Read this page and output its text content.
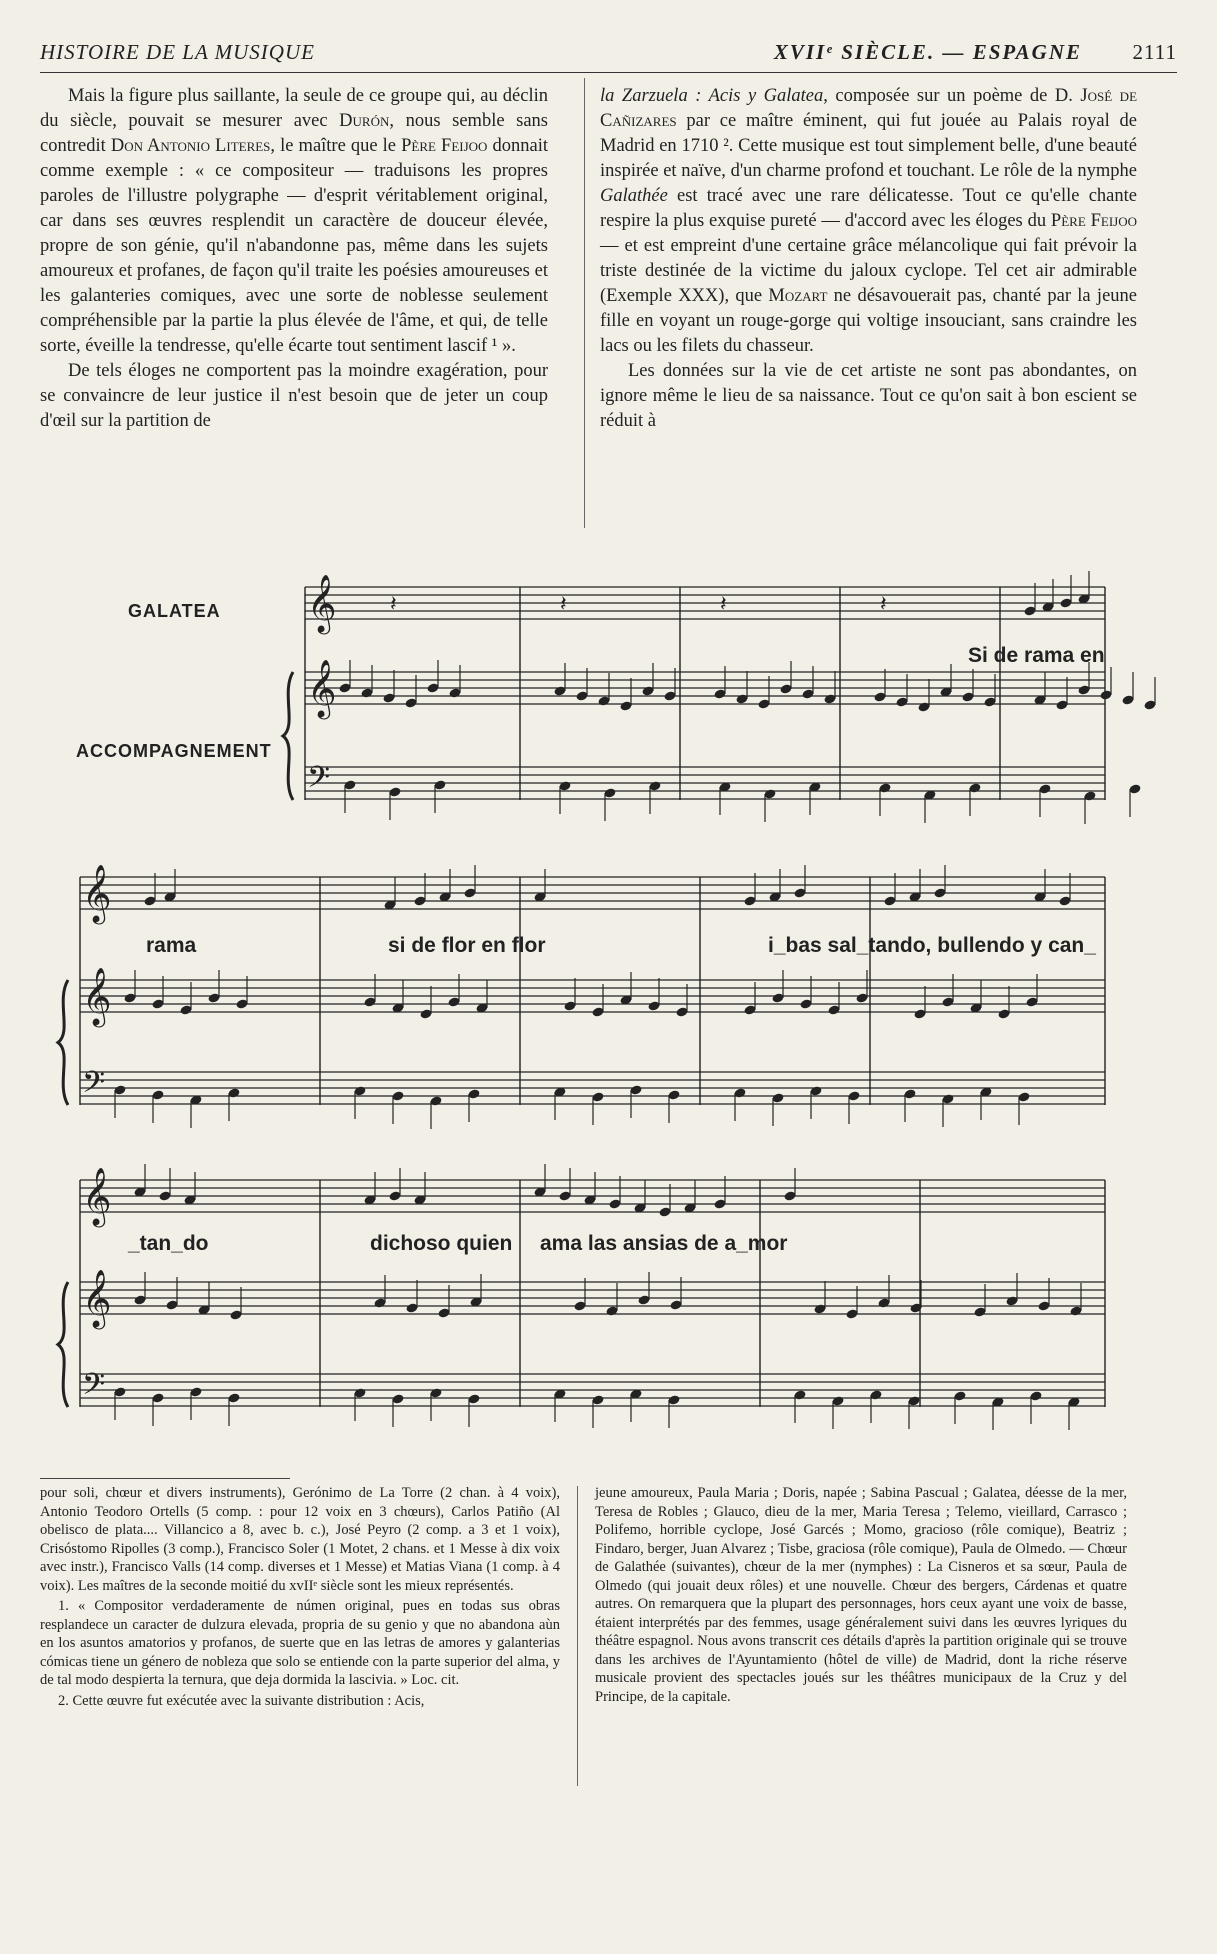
HISTOIRE DE LA MUSIQUE	XVIIᵉ SIÈCLE. — ESPAGNE 2111

Mais la figure plus saillante, la seule de ce groupe qui, au déclin du siècle, pouvait se mesurer avec Durón, nous semble sans contredit Don Antonio Literes, le maître que le Père Feijoo donnait comme exemple : « ce compositeur — traduisons les propres paroles de l'illustre polygraphe — d'esprit véritablement original, car dans ses œuvres resplendit un caractère de douceur élevée, propre de son génie, qu'il n'abandonne pas, même dans les sujets amoureux et profanes, de façon qu'il traite les poésies amoureuses et les galanteries comiques, avec une sorte de noblesse seulement compréhensible par la partie la plus élevée de l'âme, et qui, de telle sorte, éveille la tendresse, qu'elle écarte tout sentiment lascif ¹ ».

De tels éloges ne comportent pas la moindre exagération, pour se convaincre de leur justice il n'est besoin que de jeter un coup d'œil sur la partition de

la Zarzuela : Acis y Galatea, composée sur un poème de D. José de Cañizares par ce maître éminent, qui fut jouée au Palais royal de Madrid en 1710 ². Cette musique est tout simplement belle, d'une beauté inspirée et naïve, d'un charme profond et touchant. Le rôle de la nymphe Galathée est tracé avec une rare délicatesse. Tout ce qu'elle chante respire la plus exquise pureté — d'accord avec les éloges du Père Feijoo — et est empreint d'une certaine grâce mélancolique qui fait prévoir la triste destinée de la victime du jaloux cyclope. Tel cet air admirable (Exemple XXX), que Mozart ne désavouerait pas, chanté par la jeune fille en voyant un rouge-gorge qui voltige insouciant, sans craindre les lacs ou les filets du chasseur.

Les données sur la vie de cet artiste ne sont pas abondantes, on ignore même le lieu de sa naissance. Tout ce qu'on sait à bon escient se réduit à

𝄞
𝄞
𝄢
𝄽	𝄽	𝄽	𝄽
𝄞
𝄞
𝄢
𝄞
𝄞
𝄢
GALATEA
ACCOMPAGNEMENT
Si de rama en
rama	si de flor en flor	i_bas sal_tando, bullendo y can_
_tan_do	dichoso quien ama las ansias de a_mor

pour soli, chœur et divers instruments), Gerónimo de La Torre (2 chan. à 4 voix), Antonio Teodoro Ortells (5 comp. : pour 12 voix en 3 chœurs), Carlos Patiño (Al obelisco de plata.... Villancico a 8, avec b. c.), José Peyro (2 comp. a 3 et 1 voix), Crisóstomo Ripolles (3 comp.), Francisco Soler (1 Motet, 2 chans. et 1 Messe à dix voix avec instr.), Francisco Valls (14 comp. diverses et 1 Messe) et Matias Viana (1 comp. à 4 voix). Les maîtres de la seconde moitié du xvIIᵉ siècle sont les mieux représentés.

1. « Compositor verdaderamente de númen original, pues en todas sus obras resplandece un caracter de dulzura elevada, propria de su genio y que no abandona aùn en los asuntos amatorios y profanos, de suerte que en las letras de amores y galanterias cómicas tiene un género de nobleza que solo se entiende con la parte superior del alma, y de tal modo despierta la ternura, que deja dormida la lascivia. » Loc. cit.

2. Cette œuvre fut exécutée avec la suivante distribution : Acis,

jeune amoureux, Paula Maria ; Doris, napée ; Sabina Pascual ; Galatea, déesse de la mer, Teresa de Robles ; Glauco, dieu de la mer, Maria Teresa ; Telemo, vieillard, Carrasco ; Polifemo, horrible cyclope, José Garcés ; Momo, gracioso (rôle comique), Beatriz ; Findaro, berger, Juan Alvarez ; Tisbe, graciosa (rôle comique), Paula de Olmedo. — Chœur de Galathée (suivantes), chœur de la mer (nymphes) : La Cisneros et sa sœur, Paula de Olmedo (qui jouait deux rôles) et une nouvelle. Chœur des bergers, Cárdenas et quatre autres. On remarquera que la plupart des personnages, hors ceux ayant une voix de basse, étaient interprétés par des femmes, usage généralement suivi dans les œuvres lyriques du théâtre espagnol. Nous avons transcrit ces détails d'après la partition originale qui se trouve dans les archives de l'Ayuntamiento (hôtel de ville) de Madrid, dont la riche réserve musicale provient des spectacles joués sur les théâtres municipaux de la Cruz y del Principe, de la capitale.
